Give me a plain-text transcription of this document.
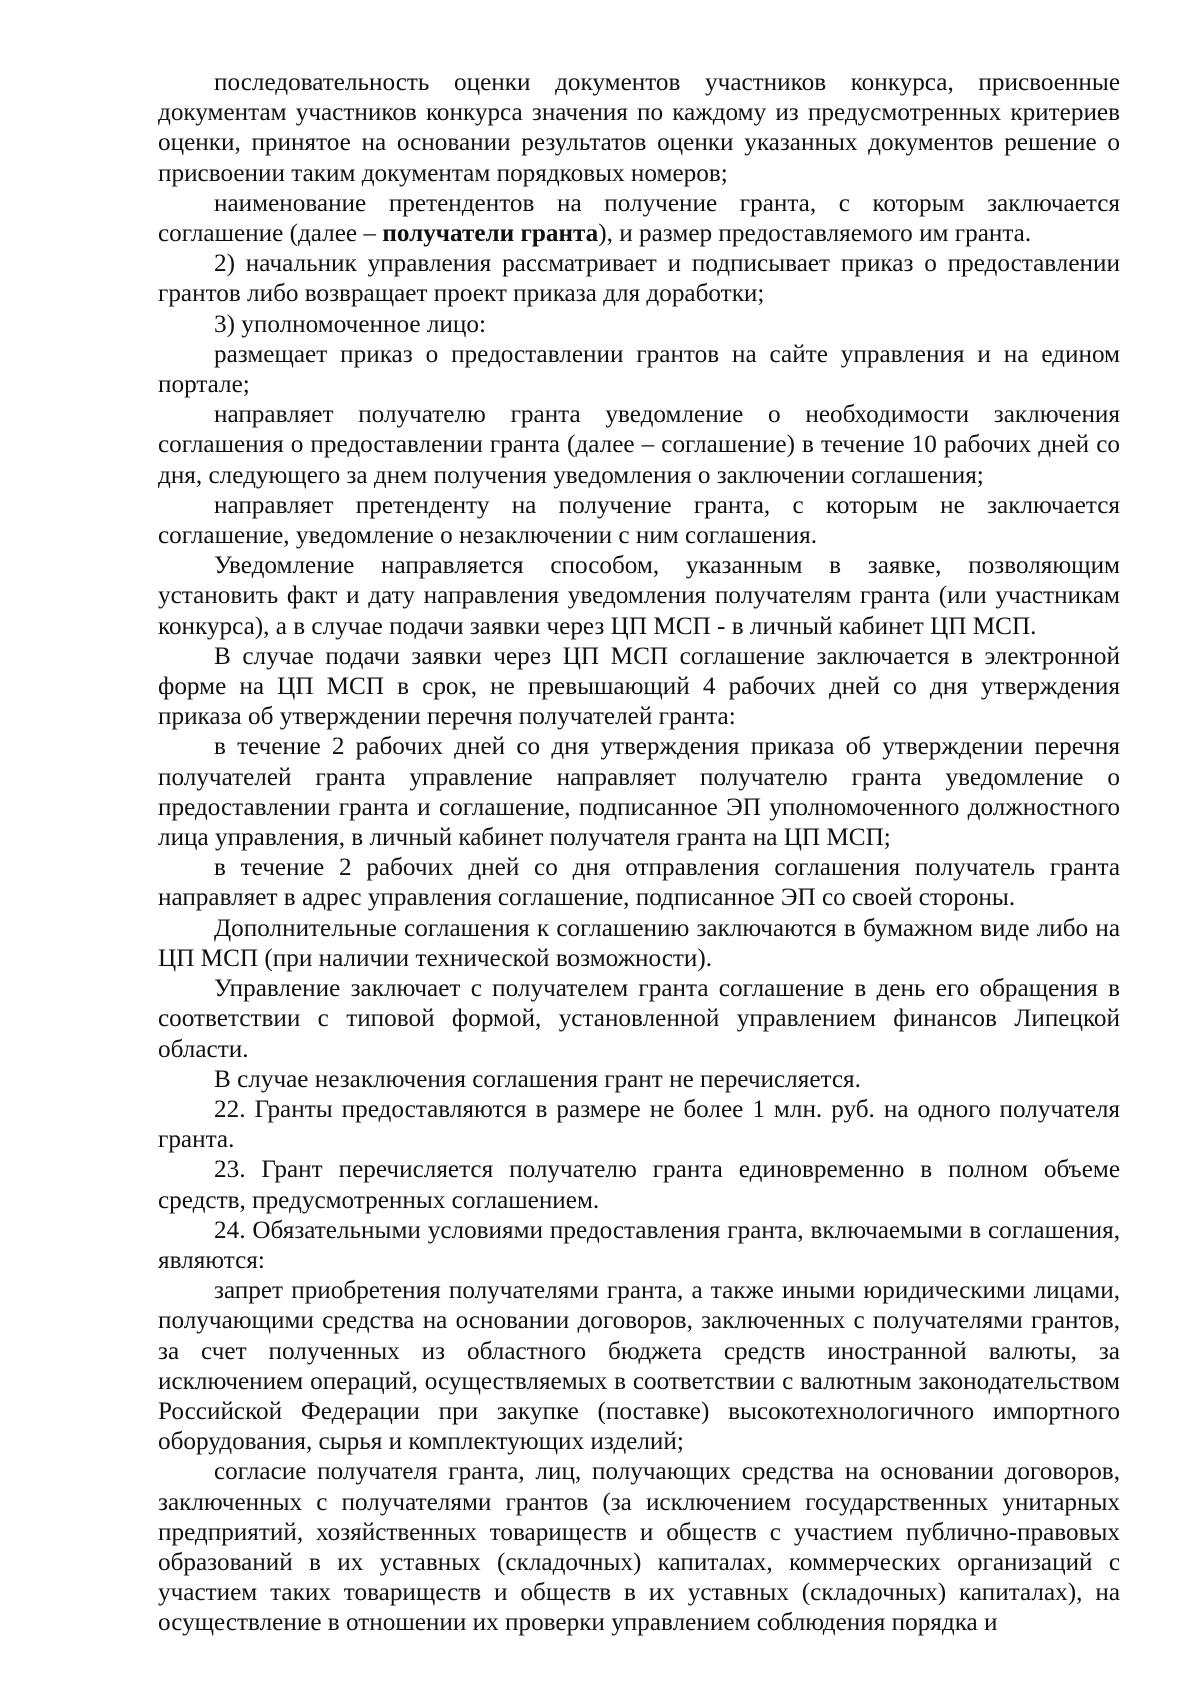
последовательность оценки документов участников конкурса, присвоенные документам участников конкурса значения по каждому из предусмотренных критериев оценки, принятое на основании результатов оценки указанных документов решение о присвоении таким документам порядковых номеров;

наименование претендентов на получение гранта, с которым заключается соглашение (далее – получатели гранта), и размер предоставляемого им гранта.

2) начальник управления рассматривает и подписывает приказ о предоставлении грантов либо возвращает проект приказа для доработки;

3) уполномоченное лицо:

размещает приказ о предоставлении грантов на сайте управления и на едином портале;

направляет получателю гранта уведомление о необходимости заключения соглашения о предоставлении гранта (далее – соглашение) в течение 10 рабочих дней со дня, следующего за днем получения уведомления о заключении соглашения;

направляет претенденту на получение гранта, с которым не заключается соглашение, уведомление о незаключении с ним соглашения.

Уведомление направляется способом, указанным в заявке, позволяющим установить факт и дату направления уведомления получателям гранта (или участникам конкурса), а в случае подачи заявки через ЦП МСП - в личный кабинет ЦП МСП.

В случае подачи заявки через ЦП МСП соглашение заключается в электронной форме на ЦП МСП в срок, не превышающий 4 рабочих дней со дня утверждения приказа об утверждении перечня получателей гранта:

в течение 2 рабочих дней со дня утверждения приказа об утверждении перечня получателей гранта управление направляет получателю гранта уведомление о предоставлении гранта и соглашение, подписанное ЭП уполномоченного должностного лица управления, в личный кабинет получателя гранта на ЦП МСП;

в течение 2 рабочих дней со дня отправления соглашения получатель гранта направляет в адрес управления соглашение, подписанное ЭП со своей стороны.

Дополнительные соглашения к соглашению заключаются в бумажном виде либо на ЦП МСП (при наличии технической возможности).

Управление заключает с получателем гранта соглашение в день его обращения в соответствии с типовой формой, установленной управлением финансов Липецкой области.

В случае незаключения соглашения грант не перечисляется.

22. Гранты предоставляются в размере не более 1 млн. руб. на одного получателя гранта.

23. Грант перечисляется получателю гранта единовременно в полном объеме средств, предусмотренных соглашением.

24. Обязательными условиями предоставления гранта, включаемыми в соглашения, являются:

запрет приобретения получателями гранта, а также иными юридическими лицами, получающими средства на основании договоров, заключенных с получателями грантов, за счет полученных из областного бюджета средств иностранной валюты, за исключением операций, осуществляемых в соответствии с валютным законодательством Российской Федерации при закупке (поставке) высокотехнологичного импортного оборудования, сырья и комплектующих изделий;

согласие получателя гранта, лиц, получающих средства на основании договоров, заключенных с получателями грантов (за исключением государственных унитарных предприятий, хозяйственных товариществ и обществ с участием публично-правовых образований в их уставных (складочных) капиталах, коммерческих организаций с участием таких товариществ и обществ в их уставных (складочных) капиталах), на осуществление в отношении их проверки управлением соблюдения порядка и
